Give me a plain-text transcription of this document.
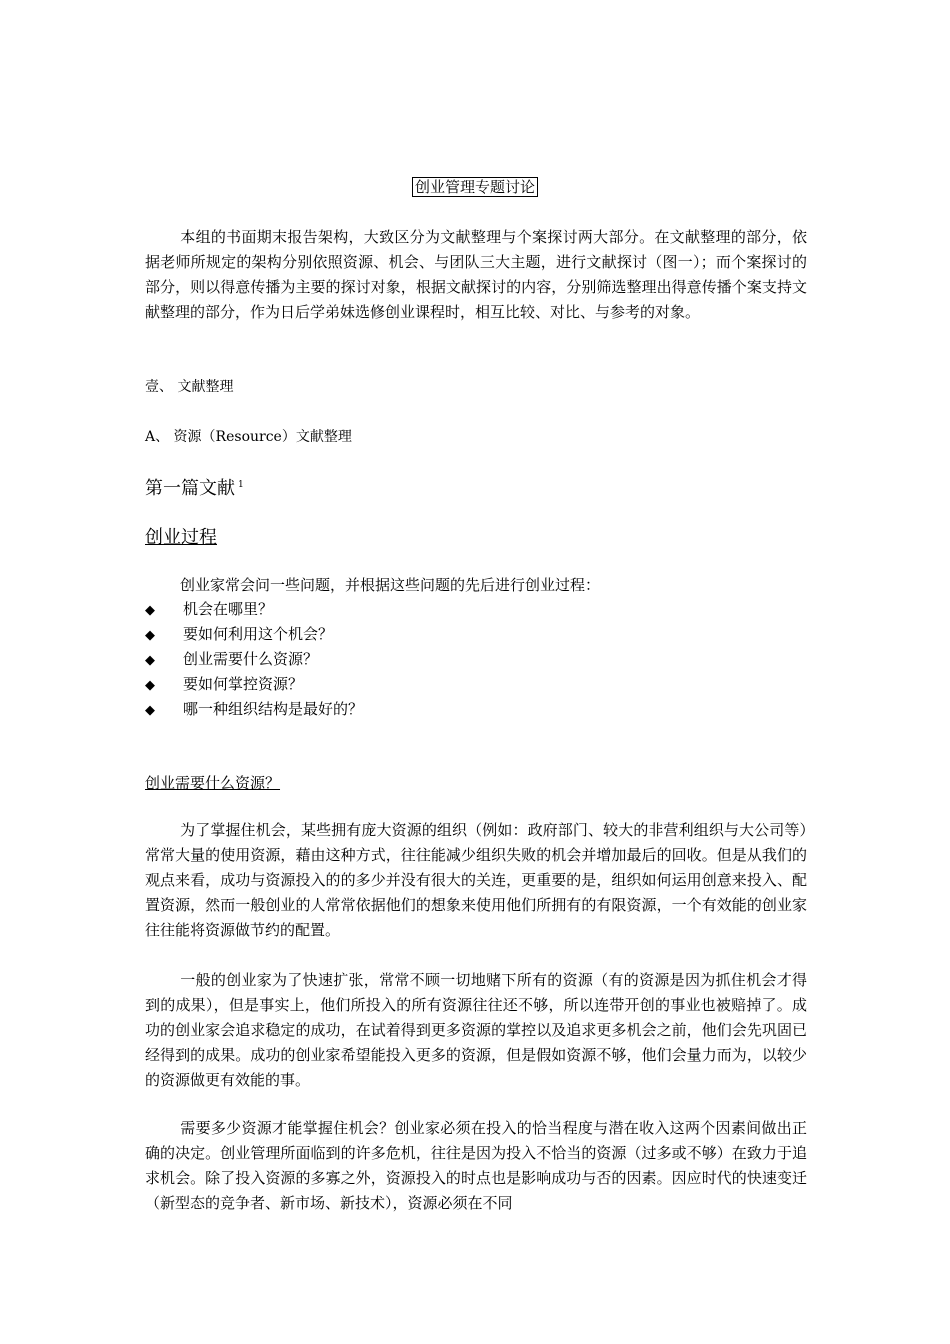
创业管理专题讨论

本组的书面期末报告架构，大致区分为文献整理与个案探讨两大部分。在文献整理的部分，依据老师所规定的架构分别依照资源、机会、与团队三大主题，进行文献探讨（图一）；而个案探讨的部分，则以得意传播为主要的探讨对象，根据文献探讨的内容，分别筛选整理出得意传播个案支持文献整理的部分，作为日后学弟妹选修创业课程时，相互比较、对比、与参考的对象。

壹、 文献整理

A、 资源（Resource）文献整理

第一篇文献 $^1$

创业过程

创业家常会问一些问题，并根据这些问题的先后进行创业过程：

◆ 机会在哪里？
◆ 要如何利用这个机会？
◆ 创业需要什么资源？
◆ 要如何掌控资源？
◆ 哪一种组织结构是最好的？

创业需要什么资源？

为了掌握住机会，某些拥有庞大资源的组织（例如：政府部门、较大的非营利组织与大公司等）常常大量的使用资源，藉由这种方式，往往能减少组织失败的机会并增加最后的回收。但是从我们的观点来看，成功与资源投入的的多少并没有很大的关连，更重要的是，组织如何运用创意来投入、配置资源，然而一般创业的人常常依据他们的想象来使用他们所拥有的有限资源，一个有效能的创业家往往能将资源做节约的配置。

一般的创业家为了快速扩张，常常不顾一切地赌下所有的资源（有的资源是因为抓住机会才得到的成果），但是事实上，他们所投入的所有资源往往还不够，所以连带开创的事业也被赔掉了。成功的创业家会追求稳定的成功，在试着得到更多资源的掌控以及追求更多机会之前，他们会先巩固已经得到的成果。成功的创业家希望能投入更多的资源，但是假如资源不够，他们会量力而为，以较少的资源做更有效能的事。

需要多少资源才能掌握住机会？创业家必须在投入的恰当程度与潜在收入这两个因素间做出正确的决定。创业管理所面临到的许多危机，往往是因为投入不恰当的资源（过多或不够）在致力于追求机会。除了投入资源的多寡之外，资源投入的时点也是影响成功与否的因素。因应时代的快速变迁（新型态的竞争者、新市场、新技术），资源必须在不同
